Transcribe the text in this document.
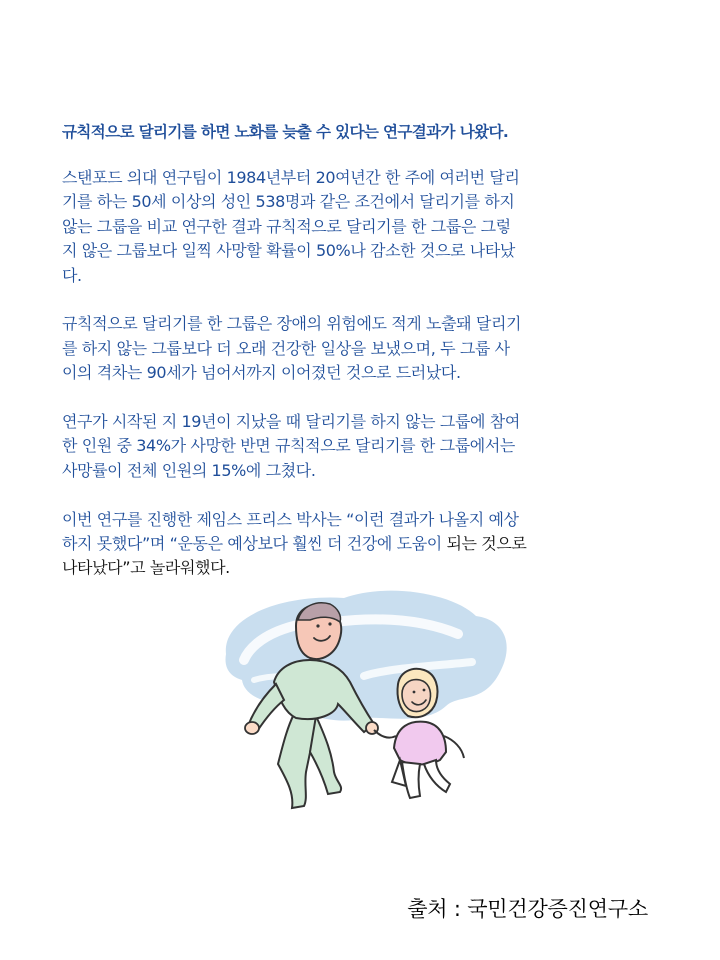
규칙적으로 달리기를 하면 노화를 늦출 수 있다는 연구결과가 나왔다.

스탠포드 의대 연구팀이 1984년부터 20여년간 한 주에 여러번 달리
기를 하는 50세 이상의 성인 538명과 같은 조건에서 달리기를 하지
않는 그룹을 비교 연구한 결과 규칙적으로 달리기를 한 그룹은 그렇
지 않은 그룹보다 일찍 사망할 확률이 50%나 감소한 것으로 나타났
다.

규칙적으로 달리기를 한 그룹은 장애의 위험에도 적게 노출돼 달리기
를 하지 않는 그룹보다 더 오래 건강한 일상을 보냈으며, 두 그룹 사
이의 격차는 90세가 넘어서까지 이어졌던 것으로 드러났다.

연구가 시작된 지 19년이 지났을 때 달리기를 하지 않는 그룹에 참여
한 인원 중 34%가 사망한 반면 규칙적으로 달리기를 한 그룹에서는
사망률이 전체 인원의 15%에 그쳤다.

이번 연구를 진행한 제임스 프리스 박사는 “이런 결과가 나올지 예상
하지 못했다”며 “운동은 예상보다 훨씬 더 건강에 도움이 되는 것으로
나타났다”고 놀라워했다.

출처 : 국민건강증진연구소
